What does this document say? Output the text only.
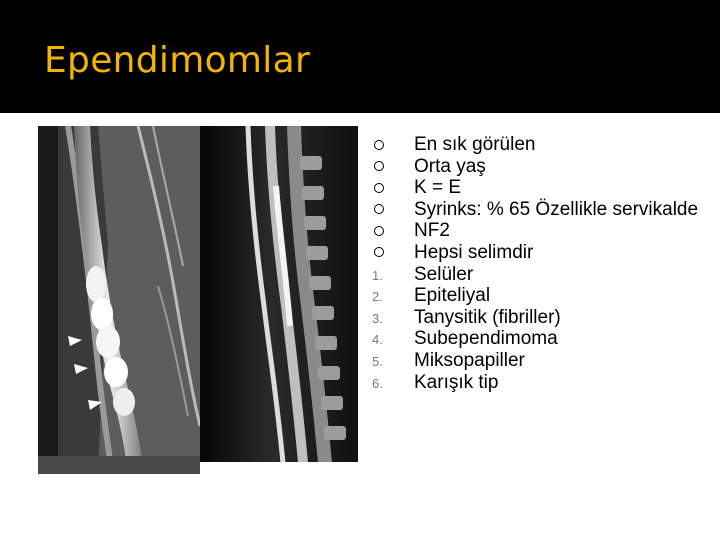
Ependimomlar
En sık görülen
Orta yaş
K = E
Syrinks: % 65 Özellikle servikalde
NF2
Hepsi selimdir
1. Selüler
2. Epiteliyal
3. Tanysitik (fibriller)
4. Subependimoma
5. Miksopapiller
6. Karışık tip
